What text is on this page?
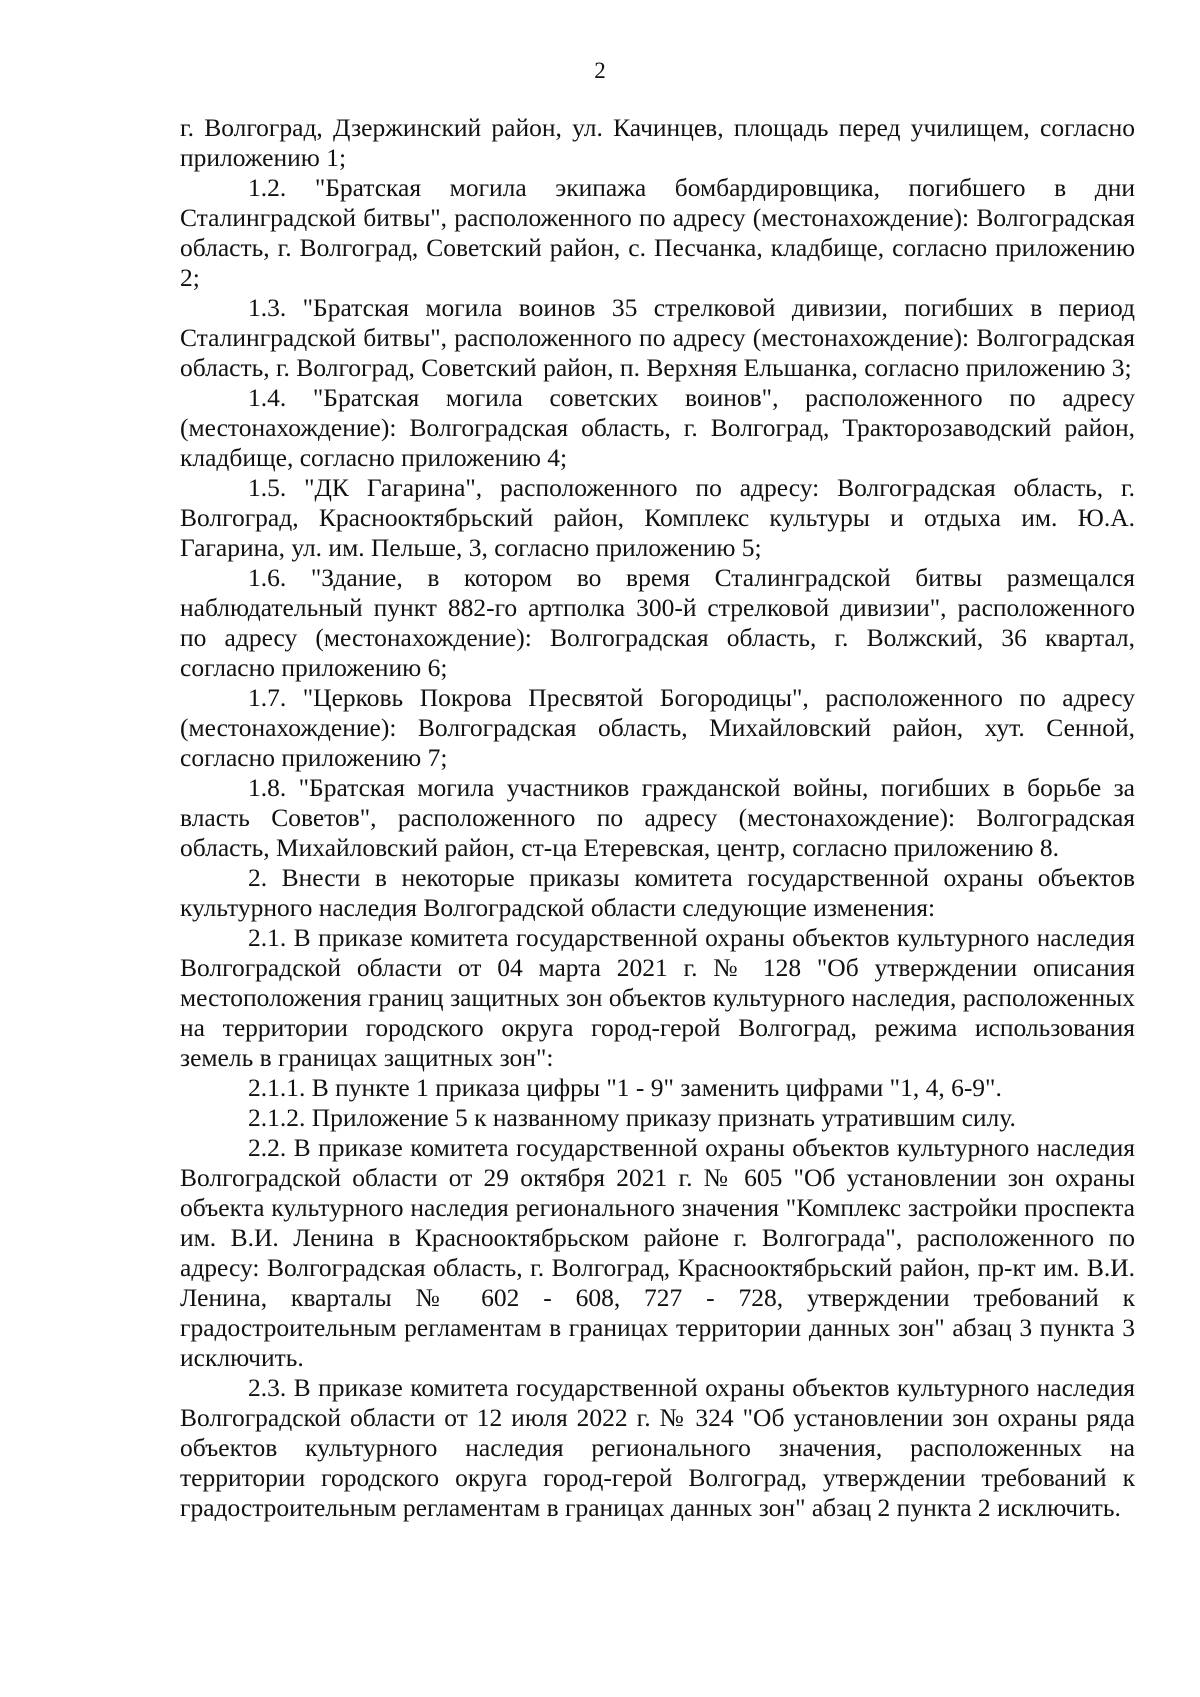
2

г. Волгоград, Дзержинский район, ул. Качинцев, площадь перед училищем, согласно приложению 1;

1.2. "Братская могила экипажа бомбардировщика, погибшего в дни Сталинградской битвы", расположенного по адресу (местонахождение): Волгоградская область, г. Волгоград, Советский район, с. Песчанка, кладбище, согласно приложению 2;

1.3. "Братская могила воинов 35 стрелковой дивизии, погибших в период Сталинградской битвы", расположенного по адресу (местонахождение): Волгоградская область, г. Волгоград, Советский район, п. Верхняя Ельшанка, согласно приложению 3;

1.4. "Братская могила советских воинов", расположенного по адресу (местонахождение): Волгоградская область, г. Волгоград, Тракторозаводский район, кладбище, согласно приложению 4;

1.5. "ДК Гагарина", расположенного по адресу: Волгоградская область, г. Волгоград, Краснооктябрьский район, Комплекс культуры и отдыха им. Ю.А. Гагарина, ул. им. Пельше, 3, согласно приложению 5;

1.6. "Здание, в котором во время Сталинградской битвы размещался наблюдательный пункт 882-го артполка 300-й стрелковой дивизии", расположенного по адресу (местонахождение): Волгоградская область, г. Волжский, 36 квартал, согласно приложению 6;

1.7. "Церковь Покрова Пресвятой Богородицы", расположенного по адресу (местонахождение): Волгоградская область, Михайловский район, хут. Сенной, согласно приложению 7;

1.8. "Братская могила участников гражданской войны, погибших в борьбе за власть Советов", расположенного по адресу (местонахождение): Волгоградская область, Михайловский район, ст-ца Етеревская, центр, согласно приложению 8.

2. Внести в некоторые приказы комитета государственной охраны объектов культурного наследия Волгоградской области следующие изменения:

2.1. В приказе комитета государственной охраны объектов культурного наследия Волгоградской области от 04 марта 2021 г. № 128 "Об утверждении описания местоположения границ защитных зон объектов культурного наследия, расположенных на территории городского округа город-герой Волгоград, режима использования земель в границах защитных зон":

2.1.1. В пункте 1 приказа цифры "1 - 9" заменить цифрами "1, 4, 6-9".

2.1.2. Приложение 5 к названному приказу признать утратившим силу.

2.2. В приказе комитета государственной охраны объектов культурного наследия Волгоградской области от 29 октября 2021 г. № 605 "Об установлении зон охраны объекта культурного наследия регионального значения "Комплекс застройки проспекта им. В.И. Ленина в Краснооктябрьском районе г. Волгограда", расположенного по адресу: Волгоградская область, г. Волгоград, Краснооктябрьский район, пр-кт им. В.И. Ленина, кварталы № 602 - 608, 727 - 728, утверждении требований к градостроительным регламентам в границах территории данных зон" абзац 3 пункта 3 исключить.

2.3. В приказе комитета государственной охраны объектов культурного наследия Волгоградской области от 12 июля 2022 г. № 324 "Об установлении зон охраны ряда объектов культурного наследия регионального значения, расположенных на территории городского округа город-герой Волгоград, утверждении требований к градостроительным регламентам в границах данных зон" абзац 2 пункта 2 исключить.
